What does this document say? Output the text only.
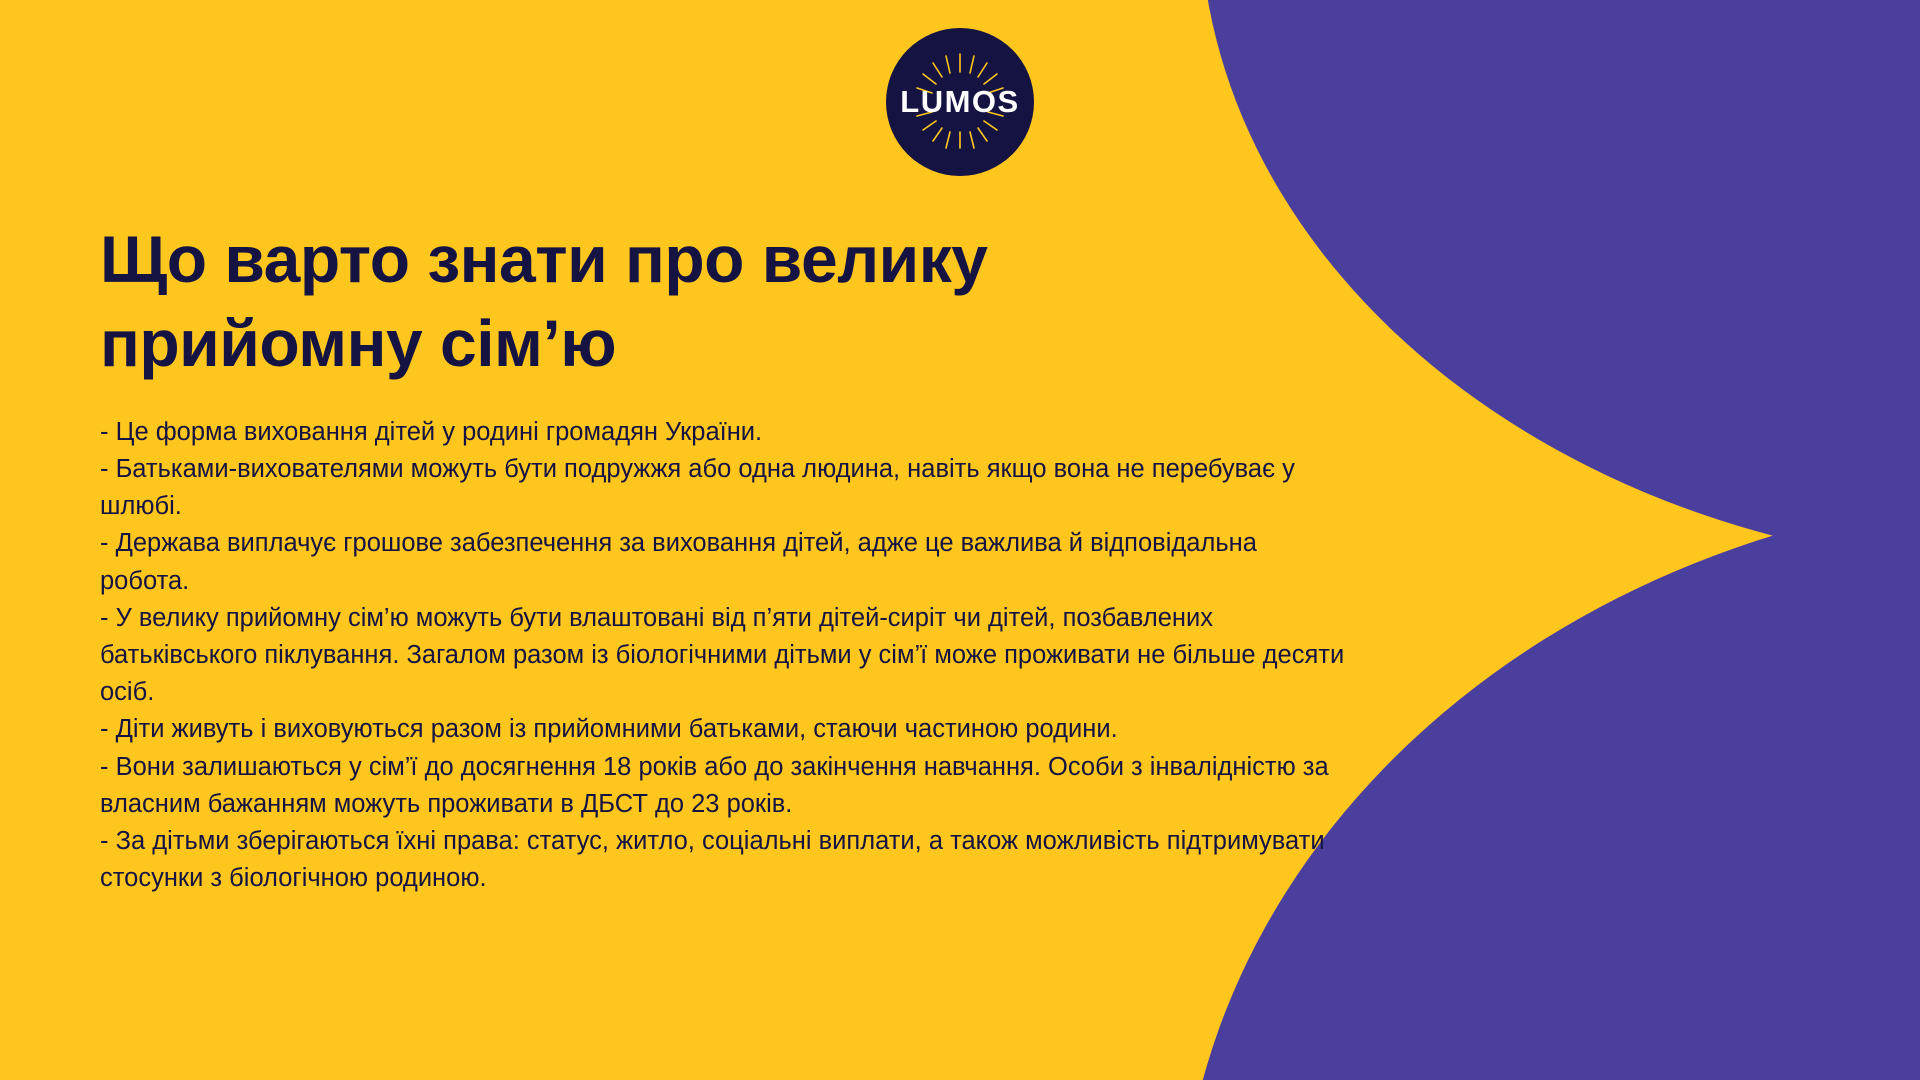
LUMOS
Що варто знати про велику прийомну сім’ю

- Це форма виховання дітей у родині громадян України.

- Батьками-вихователями можуть бути подружжя або одна людина, навіть якщо вона не перебуває у шлюбі.

- Держава виплачує грошове забезпечення за виховання дітей, адже це важлива й відповідальна робота.

- У велику прийомну сім’ю можуть бути влаштовані від п’яти дітей-сиріт чи дітей, позбавлених батьківського піклування. Загалом разом із біологічними дітьми у сім’ї може проживати не більше десяти осіб.

- Діти живуть і виховуються разом із прийомними батьками, стаючи частиною родини.

- Вони залишаються у сім’ї до досягнення 18 років або до закінчення навчання. Особи з інвалідністю за власним бажанням можуть проживати в ДБСТ до 23 років.

- За дітьми зберігаються їхні права: статус, житло, соціальні виплати, а також можливість підтримувати стосунки з біологічною родиною.
